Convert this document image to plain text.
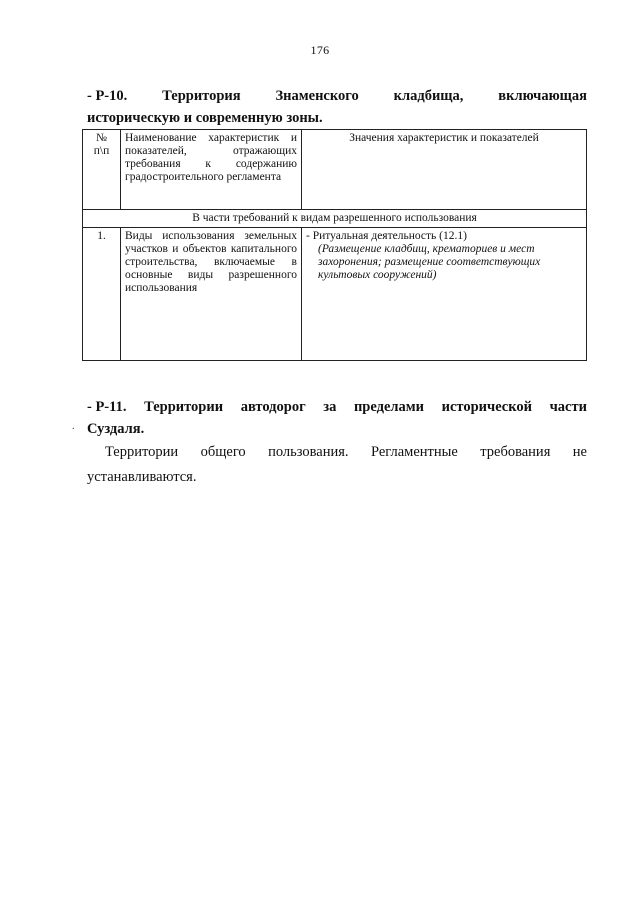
176
- Р-10. Территория Знаменского кладбища, включающая
историческую и современную зоны.
№ п\п	Наименование характеристик и показателей, отражающих требования к содержанию градостроительного регламента	Значения характеристик и показателей
В части требований к видам разрешенного использования		
1.	Виды использования земельных участков и объектов капитального строительства, включаемые в основные виды разрешенного использования	- Ритуальная деятельность (12.1)
(Размещение кладбищ, крематориев и мест захоронения; размещение соответствующих культовых сооружений)
- Р-11. Территории автодорог за пределами исторической части
Суздаля.
.
Территории общего пользования. Регламентные требования не
устанавливаются.
